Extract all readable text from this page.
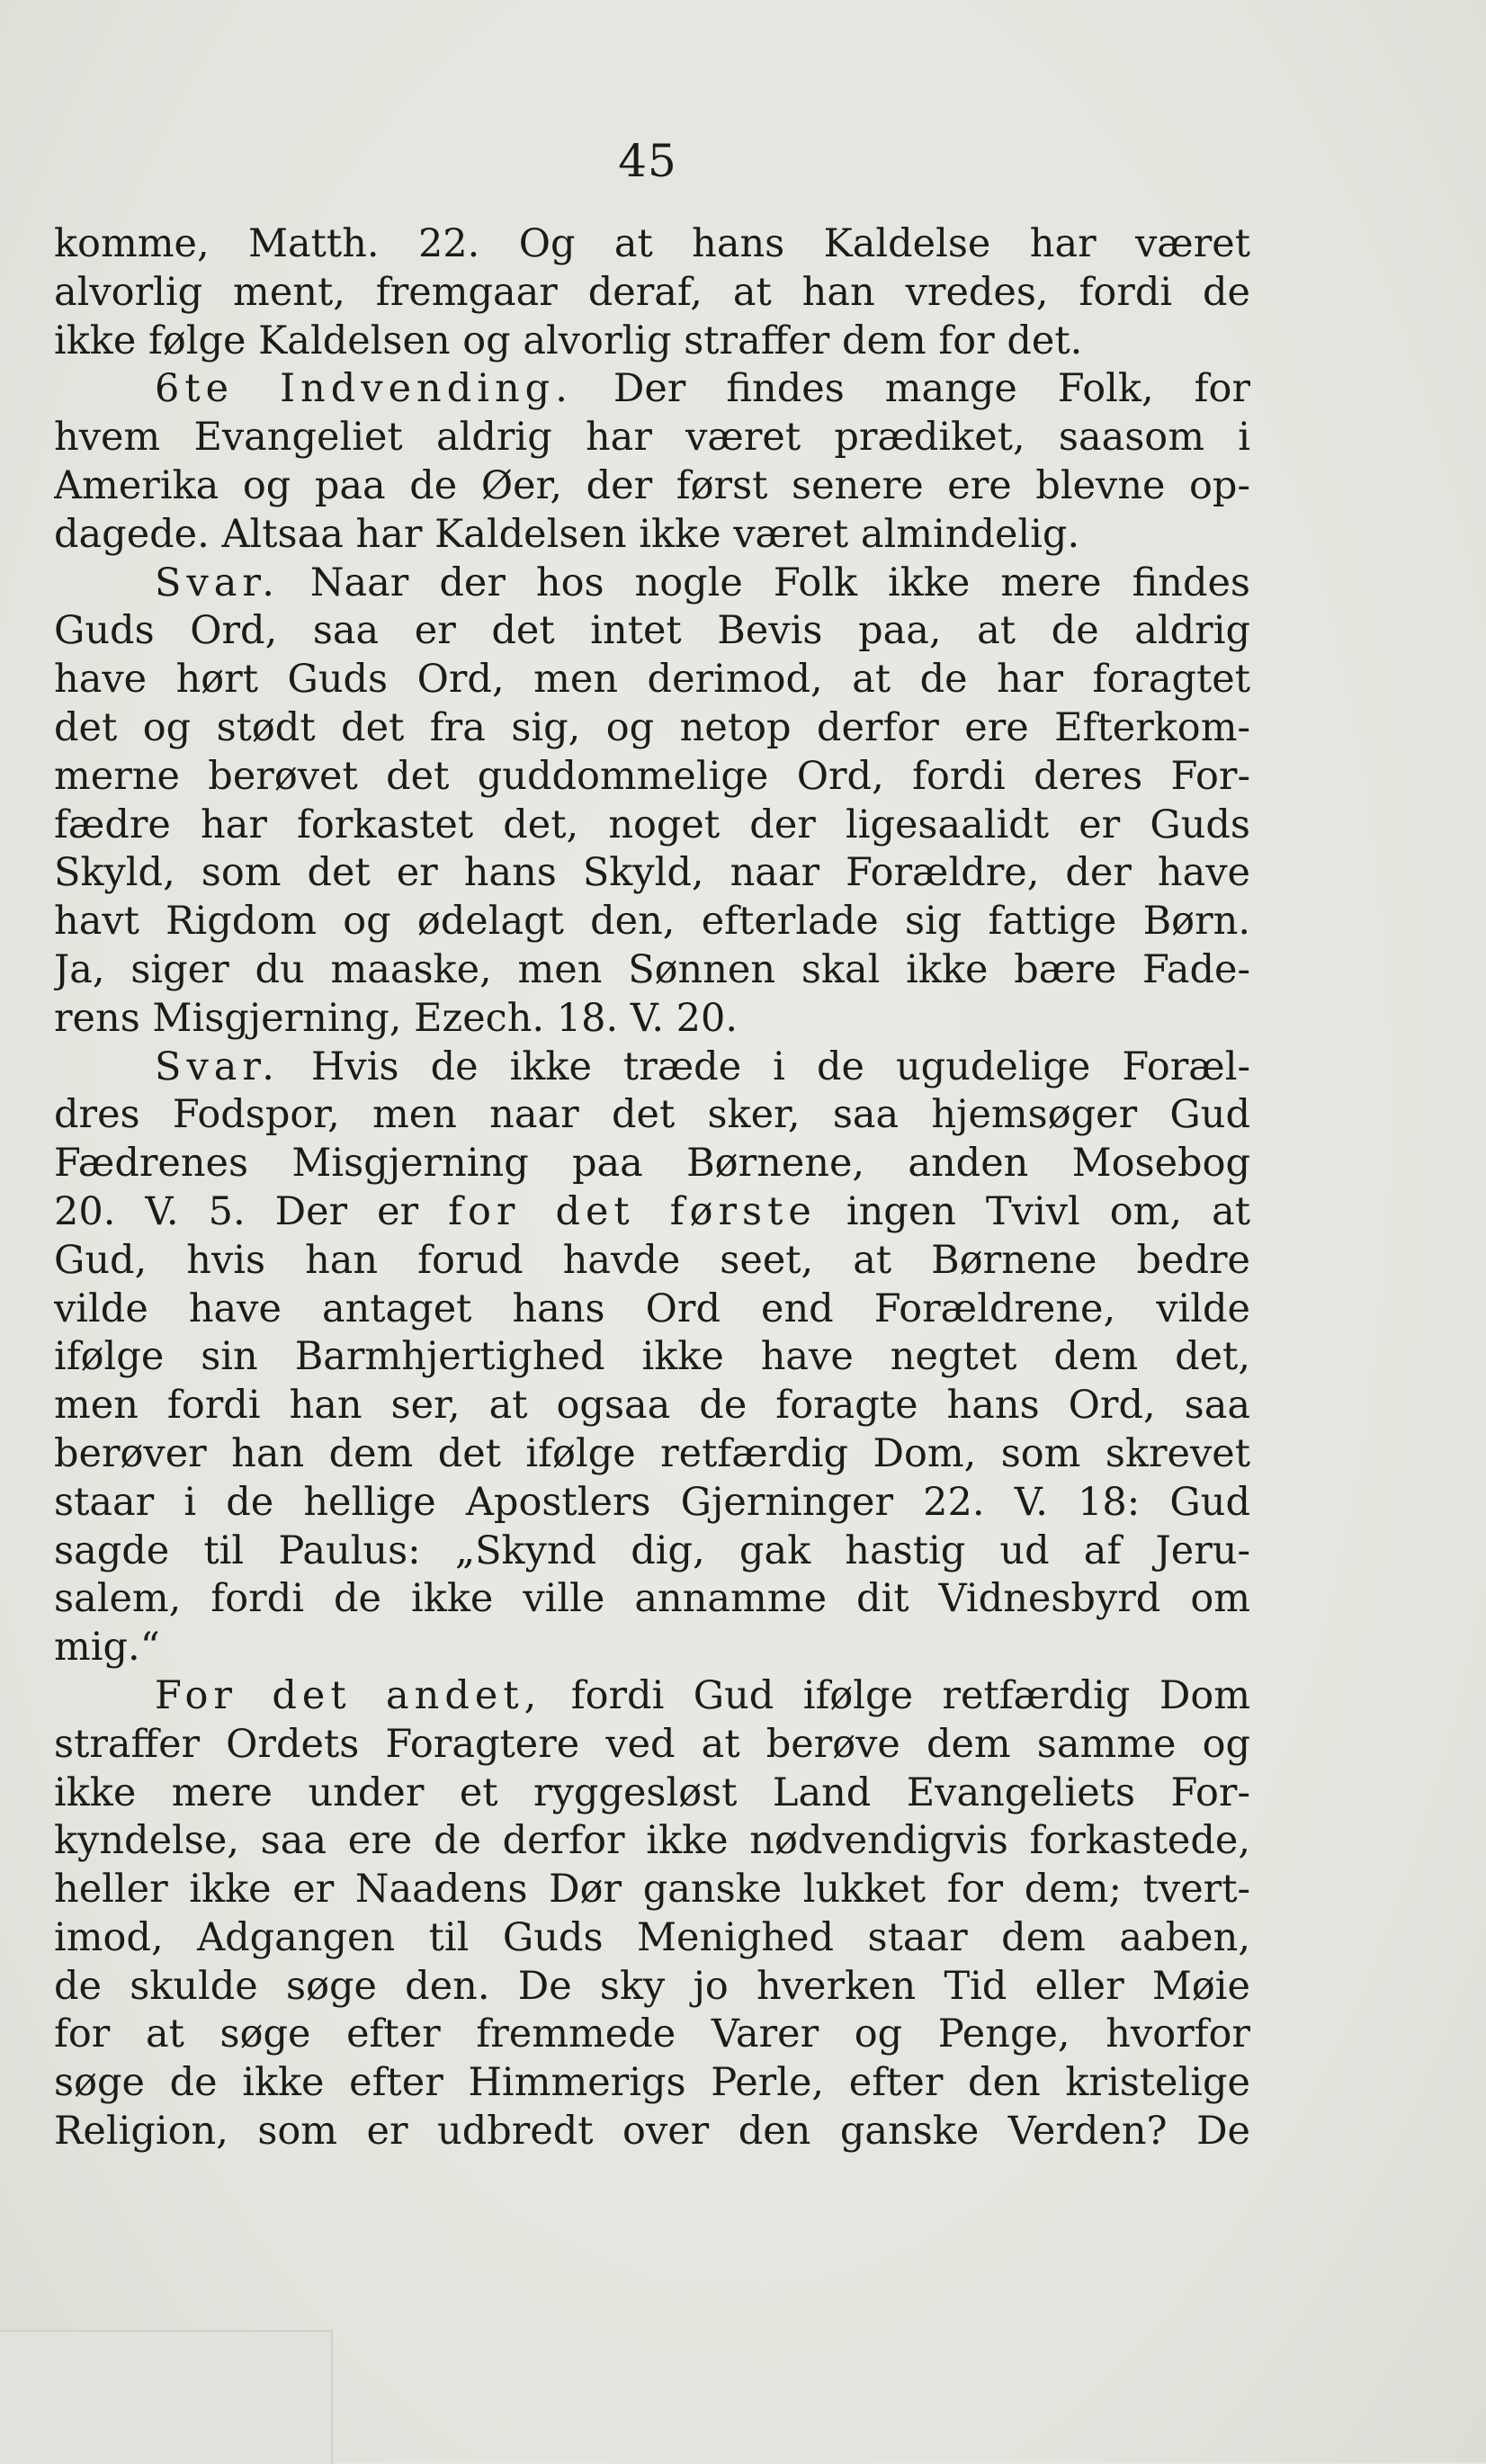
45
komme, Matth. 22. Og at hans Kaldelse har været
alvorlig ment, fremgaar deraf, at han vredes, fordi de
ikke følge Kaldelsen og alvorlig straffer dem for det.
6te Indvending. Der findes mange Folk, for
hvem Evangeliet aldrig har været prædiket, saasom i
Amerika og paa de Øer, der først senere ere blevne op-
dagede. Altsaa har Kaldelsen ikke været almindelig.
Svar. Naar der hos nogle Folk ikke mere findes
Guds Ord, saa er det intet Bevis paa, at de aldrig
have hørt Guds Ord, men derimod, at de har foragtet
det og stødt det fra sig, og netop derfor ere Efterkom-
merne berøvet det guddommelige Ord, fordi deres For-
fædre har forkastet det, noget der ligesaalidt er Guds
Skyld, som det er hans Skyld, naar Forældre, der have
havt Rigdom og ødelagt den, efterlade sig fattige Børn.
Ja, siger du maaske, men Sønnen skal ikke bære Fade-
rens Misgjerning, Ezech. 18. V. 20.
Svar. Hvis de ikke træde i de ugudelige Foræl-
dres Fodspor, men naar det sker, saa hjemsøger Gud
Fædrenes Misgjerning paa Børnene, anden Mosebog
20. V. 5. Der er for det første ingen Tvivl om, at
Gud, hvis han forud havde seet, at Børnene bedre
vilde have antaget hans Ord end Forældrene, vilde
ifølge sin Barmhjertighed ikke have negtet dem det,
men fordi han ser, at ogsaa de foragte hans Ord, saa
berøver han dem det ifølge retfærdig Dom, som skrevet
staar i de hellige Apostlers Gjerninger 22. V. 18: Gud
sagde til Paulus: „Skynd dig, gak hastig ud af Jeru-
salem, fordi de ikke ville annamme dit Vidnesbyrd om
mig.“
For det andet, fordi Gud ifølge retfærdig Dom
straffer Ordets Foragtere ved at berøve dem samme og
ikke mere under et ryggesløst Land Evangeliets For-
kyndelse, saa ere de derfor ikke nødvendigvis forkastede,
heller ikke er Naadens Dør ganske lukket for dem; tvert-
imod, Adgangen til Guds Menighed staar dem aaben,
de skulde søge den. De sky jo hverken Tid eller Møie
for at søge efter fremmede Varer og Penge, hvorfor
søge de ikke efter Himmerigs Perle, efter den kristelige
Religion, som er udbredt over den ganske Verden? De
